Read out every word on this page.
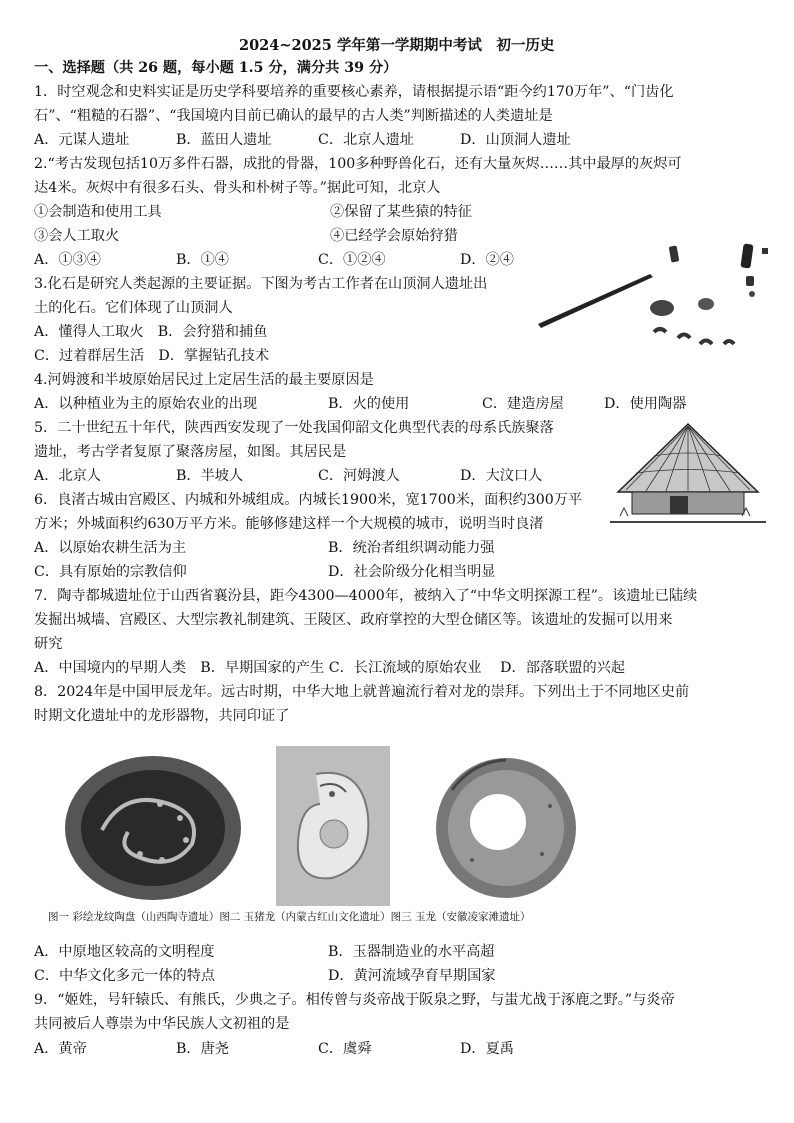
2024~2025 学年第一学期期中考试　初一历史
一、选择题（共 26 题，每小题 1.5 分，满分共 39 分）
1．时空观念和史料实证是历史学科要培养的重要核心素养，请根据提示语“距今约170万年”、“门齿化
石”、“粗糙的石器”、“我国境内目前已确认的最早的古人类”判断描述的人类遗址是
A．元谋人遗址	B．蓝田人遗址	C．北京人遗址	D．山顶洞人遗址
2.“考古发现包括10万多件石器，成批的骨器，100多种野兽化石，还有大量灰烬……其中最厚的灰烬可
达4米。灰烬中有很多石头、骨头和朴树子等。”据此可知，北京人
①会制造和使用工具	②保留了某些猿的特征
③会人工取火	④已经学会原始狩猎
A．①③④	B．①④	C．①②④	D．②④
3.化石是研究人类起源的主要证据。下图为考古工作者在山顶洞人遗址出
土的化石。它们体现了山顶洞人
A．懂得人工取火　B．会狩猎和捕鱼
C．过着群居生活　D．掌握钻孔技术
4.河姆渡和半坡原始居民过上定居生活的最主要原因是
A．以种植业为主的原始农业的出现	B．火的使用	C．建造房屋	D．使用陶器
5．二十世纪五十年代，陕西西安发现了一处我国仰韶文化典型代表的母系氏族聚落
遗址，考古学者复原了聚落房屋，如图。其居民是
A．北京人	B．半坡人	C．河姆渡人	D．大汶口人
6．良渚古城由宫殿区、内城和外城组成。内城长1900米，宽1700米，面积约300万平
方米；外城面积约630万平方米。能够修建这样一个大规模的城市，说明当时良渚
A．以原始农耕生活为主	B．统治者组织调动能力强
C．具有原始的宗教信仰	D．社会阶级分化相当明显
7．陶寺都城遗址位于山西省襄汾县，距今4300—4000年，被纳入了“中华文明探源工程”。该遗址已陆续
发掘出城墙、宫殿区、大型宗教礼制建筑、王陵区、政府掌控的大型仓储区等。该遗址的发掘可以用来
研究
A．中国境内的早期人类　B．早期国家的产生 C．长江流域的原始农业　 D．部落联盟的兴起
8．2024年是中国甲辰龙年。远古时期，中华大地上就普遍流行着对龙的崇拜。下列出土于不同地区史前
时期文化遗址中的龙形器物，共同印证了
图一 彩绘龙纹陶盘（山西陶寺遗址）图二 玉猪龙（内蒙古红山文化遗址）图三 玉龙（安徽凌家滩遗址）
A．中原地区较高的文明程度	B．玉器制造业的水平高超
C．中华文化多元一体的特点	D．黄河流域孕育早期国家
9．“姬姓，号轩辕氏、有熊氏，少典之子。相传曾与炎帝战于阪泉之野，与蚩尤战于涿鹿之野。”与炎帝
共同被后人尊崇为中华民族人文初祖的是
A．黄帝	B．唐尧	C．虞舜	D．夏禹
